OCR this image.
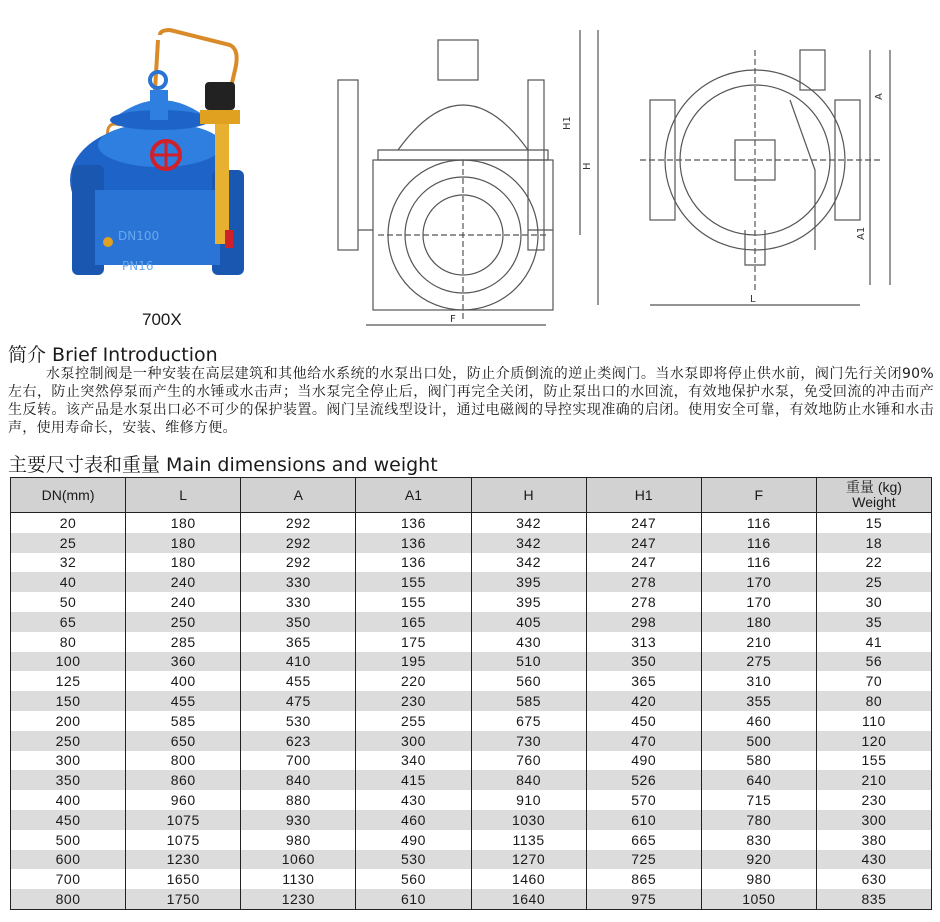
DN100
PN16
700X
H1
H
F
A
A1
L
简介 Brief Introduction
水泵控制阀是一种安装在高层建筑和其他给水系统的水泵出口处，防止介质倒流的逆止类阀门。当水泵即将停止供水前，阀门先行关闭90%左右，防止突然停泵而产生的水锤或水击声；当水泵完全停止后，阀门再完全关闭，防止泵出口的水回流，有效地保护水泵，免受回流的冲击而产生反转。该产品是水泵出口必不可少的保护装置。阀门呈流线型设计，通过电磁阀的导控实现准确的启闭。使用安全可靠，有效地防止水锤和水击声，使用寿命长，安装、维修方便。
主要尺寸表和重量 Main dimensions and weight
DN(mm)	L	A	A1	H	H1	F	重量 (kg)
Weight
20	180	292	136	342	247	116	15
25	180	292	136	342	247	116	18
32	180	292	136	342	247	116	22
40	240	330	155	395	278	170	25
50	240	330	155	395	278	170	30
65	250	350	165	405	298	180	35
80	285	365	175	430	313	210	41
100	360	410	195	510	350	275	56
125	400	455	220	560	365	310	70
150	455	475	230	585	420	355	80
200	585	530	255	675	450	460	110
250	650	623	300	730	470	500	120
300	800	700	340	760	490	580	155
350	860	840	415	840	526	640	210
400	960	880	430	910	570	715	230
450	1075	930	460	1030	610	780	300
500	1075	980	490	1135	665	830	380
600	1230	1060	530	1270	725	920	430
700	1650	1130	560	1460	865	980	630
800	1750	1230	610	1640	975	1050	835
